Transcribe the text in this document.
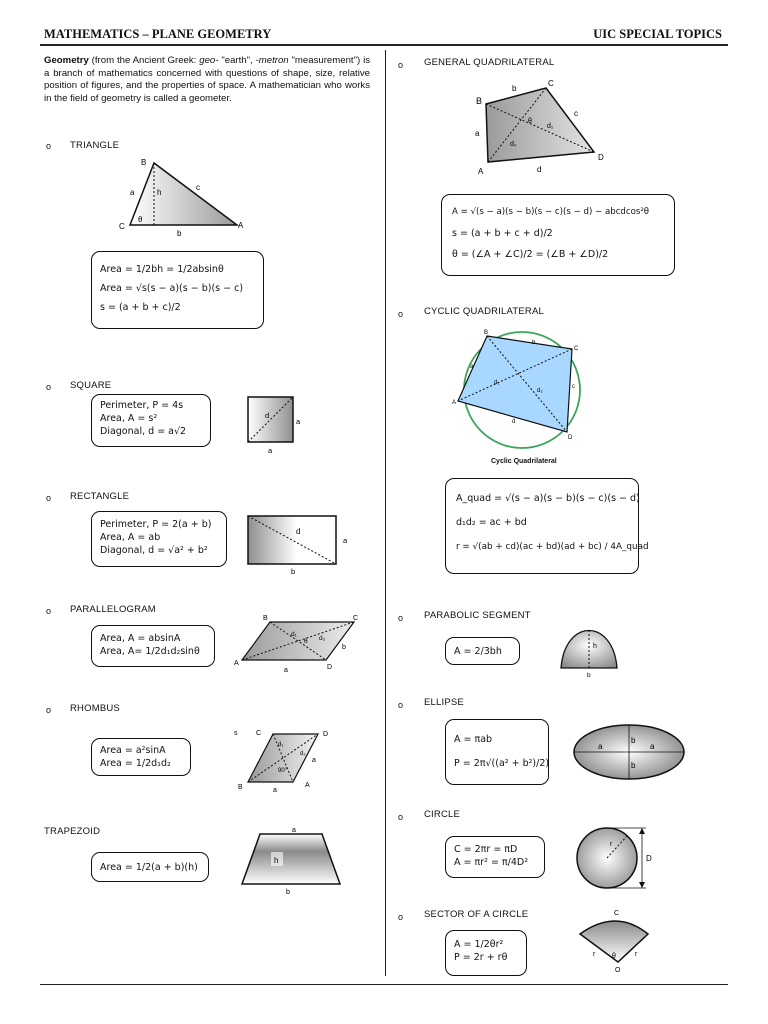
MATHEMATICS – PLANE GEOMETRY	UIC SPECIAL TOPICS
Geometry (from the Ancient Greek: geo- "earth", -metron "measurement") is a branch of mathematics concerned with questions of shape, size, relative position of figures, and the properties of space. A mathematician who works in the field of geometry is called a geometer.
o TRIANGLE
B
C	A
a
c
b
h
θ
Area = 1/2bh = 1/2absinθ
Area = √s(s − a)(s − b)(s − c)
s = (a + b + c)/2
o SQUARE
Perimeter, P = 4s
Area, A = s²
Diagonal, d = a√2
d
a
a
o RECTANGLE
Perimeter, P = 2(a + b)
Area, A = ab
Diagonal, d = √a² + b²
d
a
b
o PARALLELOGRAM
Area, A = absinA
Area, A= 1/2d₁d₂sinθ
B	C
A
D
d₁
d₂
θ
a
b
o RHOMBUS
Area = a²sinA
Area = 1/2d₁d₂
s	C	D
B	A
d₁
d₂
90°
a
a
TRAPEZOID
Area = 1/2(a + b)(h)
h
a
b
o GENERAL QUADRILATERAL
B
C
A
D
b
c
a
d
d₂
d₁
θ
A = √(s − a)(s − b)(s − c)(s − d) − abcdcos²θ
s = (a + b + c + d)/2
θ = (∠A + ∠C)/2 = (∠B + ∠D)/2
o CYCLIC QUADRILATERAL
B
C
A
D
b
a
c
d
d₁
d₂
Cyclic Quadrilateral
A_quad = √(s − a)(s − b)(s − c)(s − d)
d₁d₂ = ac + bd
r = √(ab + cd)(ac + bd)(ad + bc) / 4A_quad
o PARABOLIC SEGMENT
A = 2/3bh	h
b
o ELLIPSE
A = πab
P = 2π√((a² + b²)/2)
a	a
b
b
o CIRCLE
C = 2πr = πD
A = πr² = π/4D²
r
D
o SECTOR OF A CIRCLE
A = 1/2θr²
P = 2r + rθ
C
r	r
θ
O
